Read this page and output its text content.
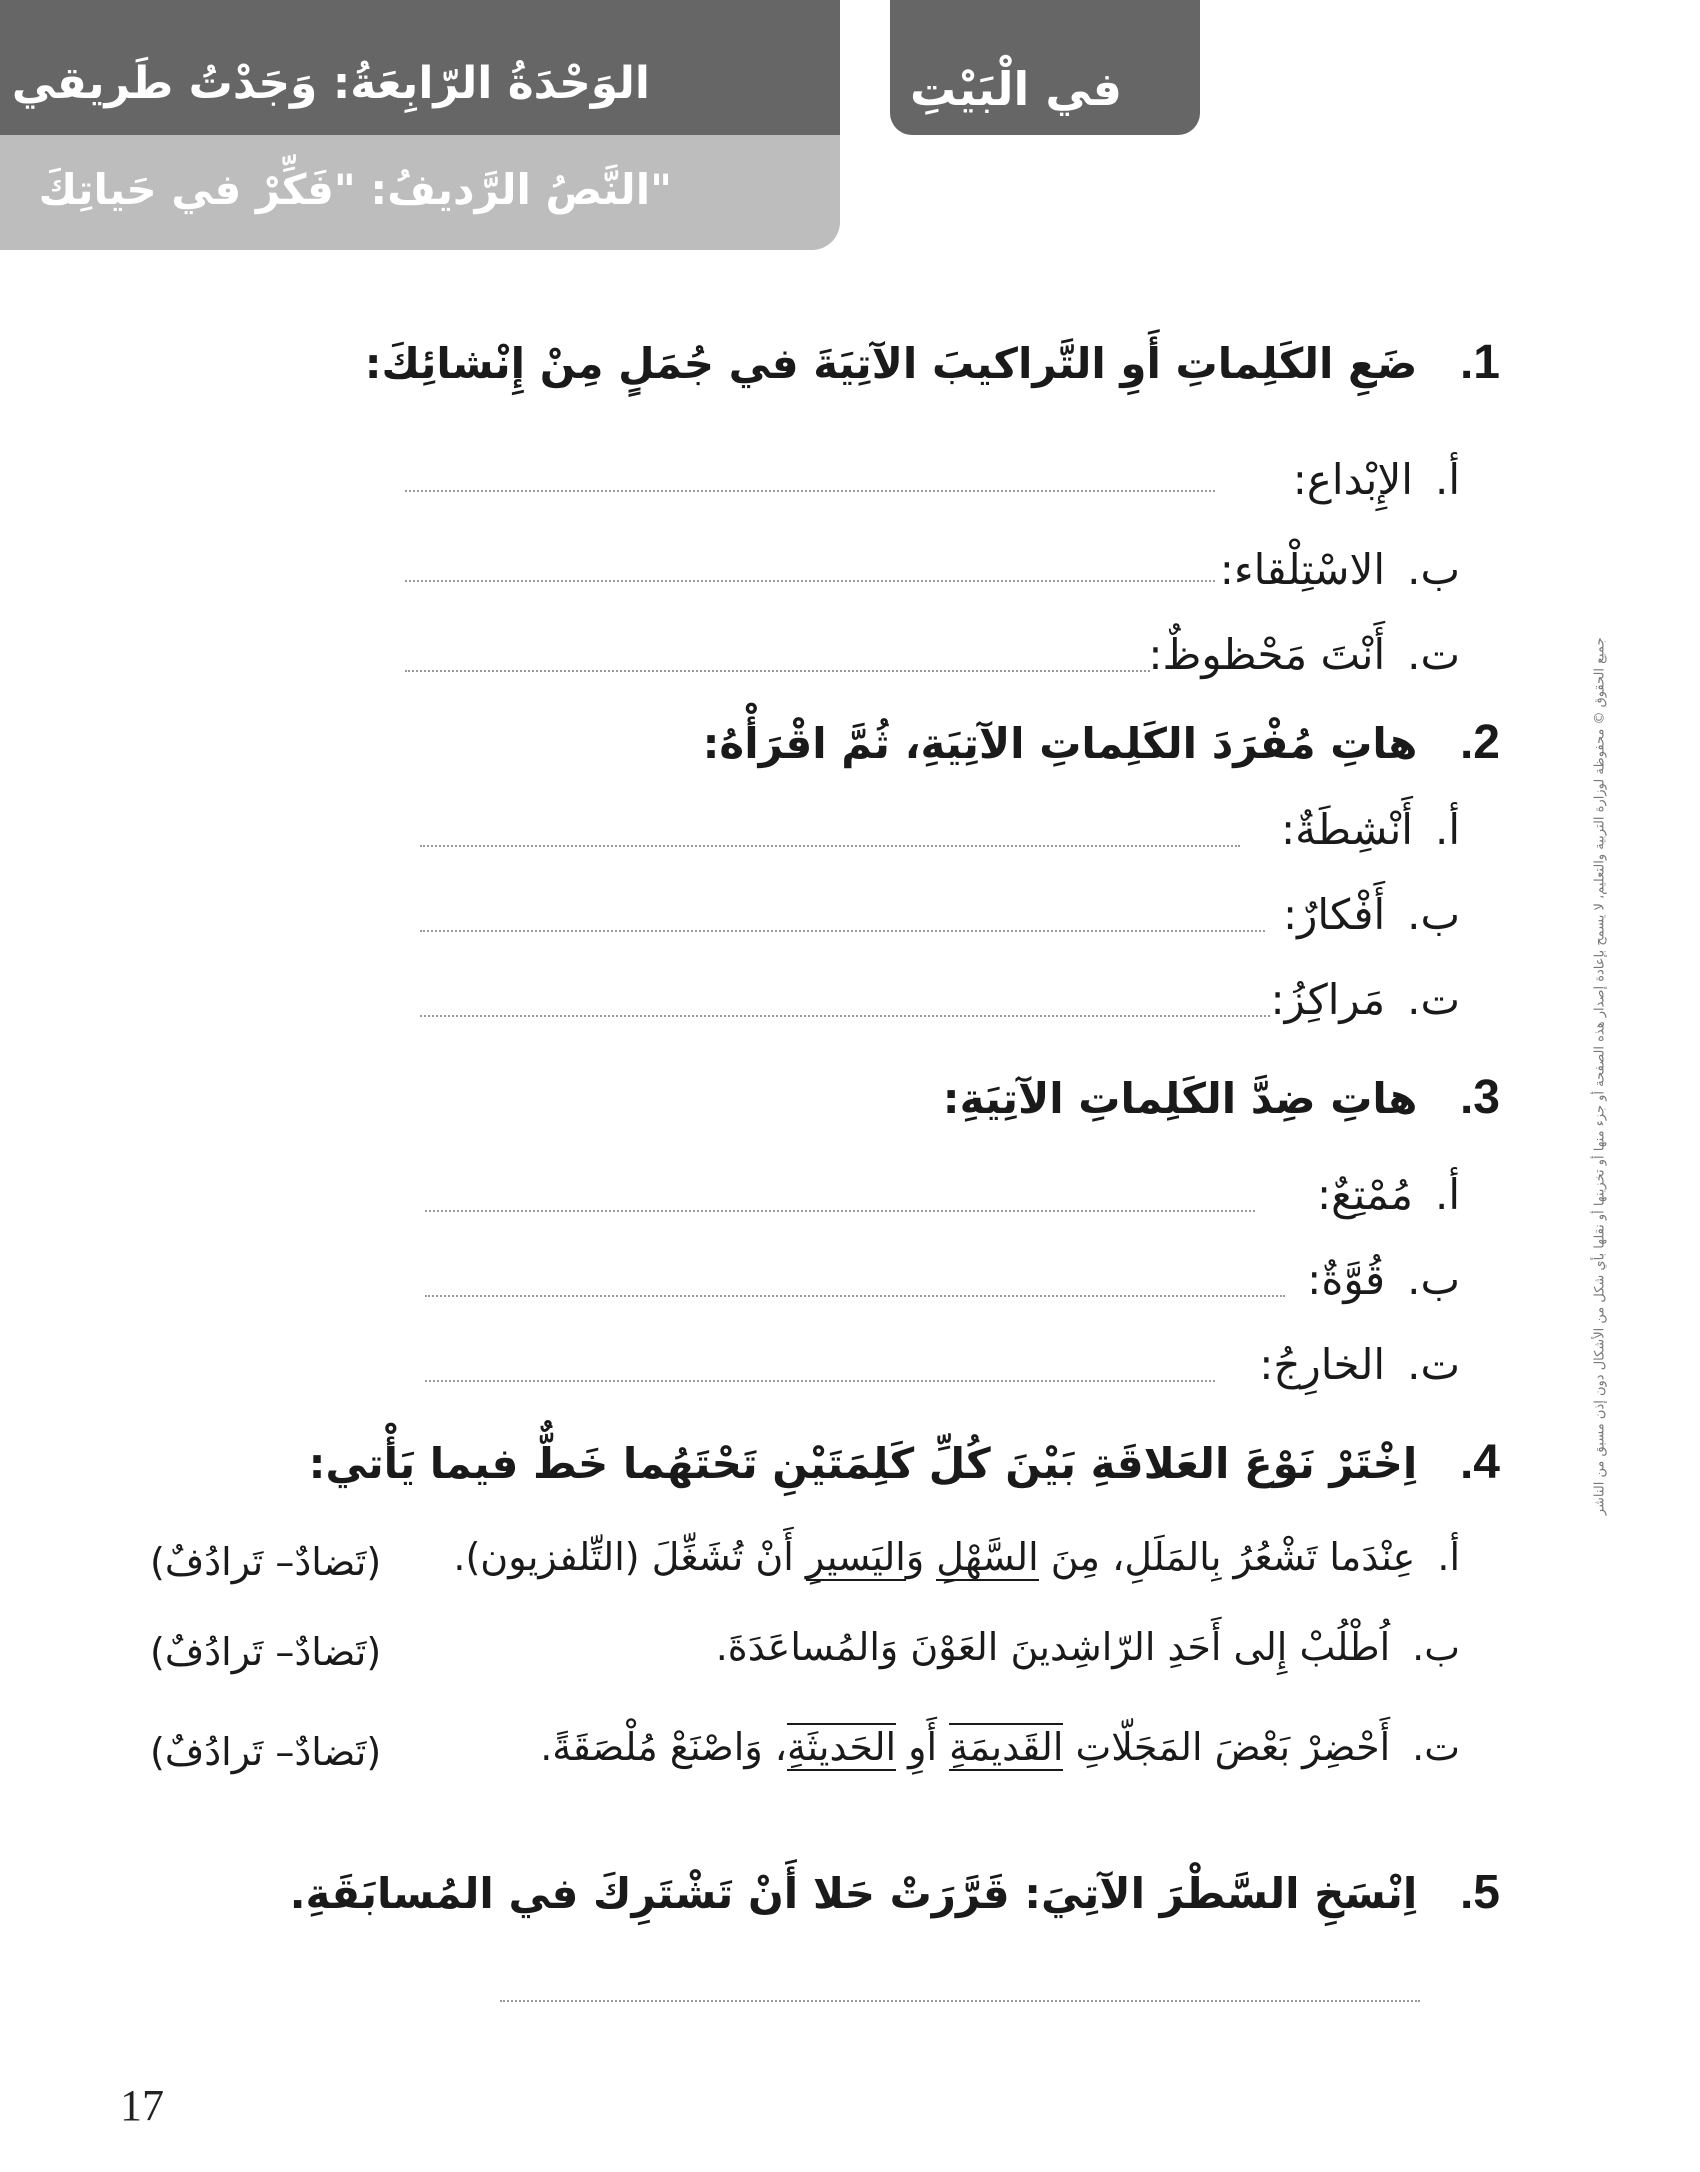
في الْبَيْتِ
الوَحْدَةُ الرّابِعَةُ: وَجَدْتُ طَريقي
النَّصُ الرَّديفُ: "فَكِّرْ في حَياتِكَ"
1. ضَعِ الكَلِماتِ أَوِ التَّراكيبَ الآتِيَةَ في جُمَلٍ مِنْ إِنْشائِكَ:
أ.الإِبْداع:
ب.الاسْتِلْقاء:
ت.أَنْتَ مَحْظوظٌ:
2. هاتِ مُفْرَدَ الكَلِماتِ الآتِيَةِ، ثُمَّ اقْرَأْهُ:
أ.أَنْشِطَةٌ:
ب.أَفْكارٌ:
ت.مَراكِزُ:
3. هاتِ ضِدَّ الكَلِماتِ الآتِيَةِ:
أ.مُمْتِعٌ:
ب.قُوَّةٌ:
ت.الخارِجُ:
4. اِخْتَرْ نَوْعَ العَلاقَةِ بَيْنَ كُلِّ كَلِمَتَيْنِ تَحْتَهُما خَطٌّ فيما يَأْتي:
أ.عِنْدَما تَشْعُرُ بِالمَلَلِ، مِنَ السَّهْلِ وَاليَسيرِ أَنْ تُشَغِّلَ (التِّلفزيون).
(تَضادٌ– تَرادُفٌ)
ب.اُطْلُبْ إِلى أَحَدِ الرّاشِدينَ العَوْنَ وَالمُساعَدَةَ.
(تَضادٌ– تَرادُفٌ)
ت.أَحْضِرْ بَعْضَ المَجَلّاتِ القَديمَةِ أَوِ الحَديثَةِ، وَاصْنَعْ مُلْصَقَةً.
(تَضادٌ– تَرادُفٌ)
5. اِنْسَخِ السَّطْرَ الآتِيَ: قَرَّرَتْ حَلا أَنْ تَشْتَرِكَ في المُسابَقَةِ.
جميع الحقوق © محفوظة لوزارة التربية والتعليم، لا يسمح بإعادة إصدار هذه الصفحة أو جزء منها أو تخزينها أو نقلها بأي شكل من الأشكال دون إذن مسبق من الناشر
17
